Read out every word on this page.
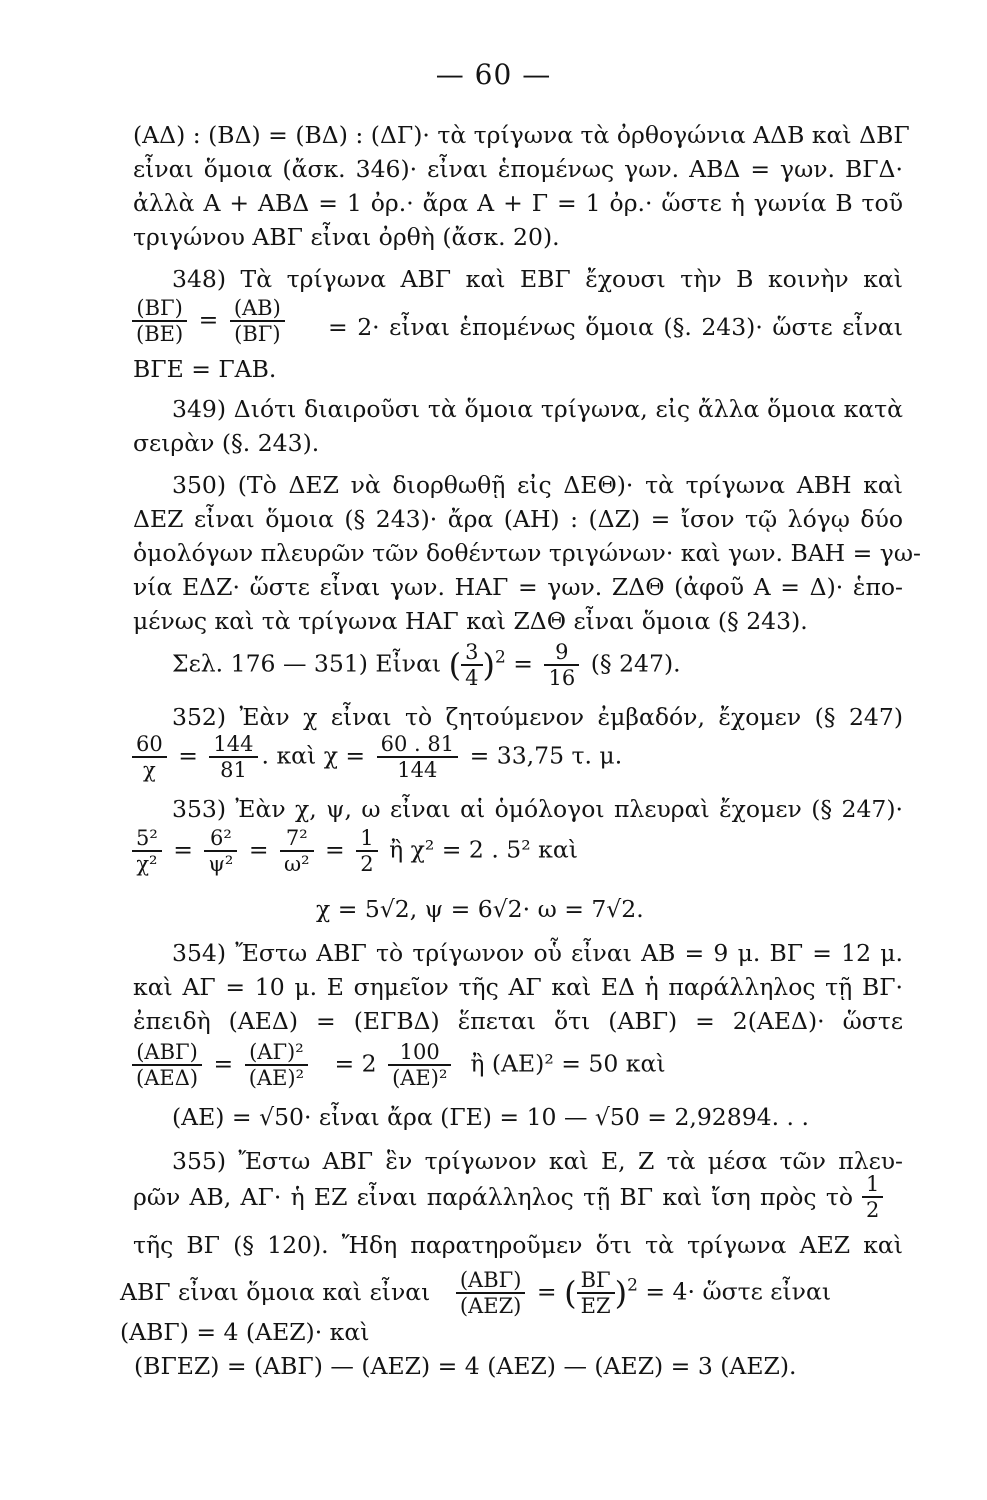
— 60 —
(ΑΔ) : (ΒΔ) = (ΒΔ) : (ΔΓ)· τὰ τρίγωνα τὰ ὀρθογώνια ΑΔΒ καὶ ΔΒΓ
εἶναι ὅμοια (ἄσκ. 346)· εἶναι ἑπομένως γων. ΑΒΔ = γων. ΒΓΔ·
ἀλλὰ Α + ΑΒΔ = 1 ὀρ.· ἄρα Α + Γ = 1 ὀρ.· ὥστε ἡ γωνία Β τοῦ
τριγώνου ΑΒΓ εἶναι ὀρθὴ (ἄσκ. 20).
348) Τὰ τρίγωνα ΑΒΓ καὶ ΕΒΓ ἔχουσι τὴν Β κοινὴν καὶ
$\frac{(B\Gamma)}{(BE)} = \frac{(AB)}{(B\Gamma)} = 2\cdot$ εἶναι ἑπομένως ὅμοια (§. 243)· ὥστε εἶναι
ΒΓΕ = ΓΑΒ.
349) Διότι διαιροῦσι τὰ ὅμοια τρίγωνα, εἰς ἄλλα ὅμοια κατὰ
σειρὰν (§. 243).
350) (Τὸ ΔΕΖ νὰ διορθωθῇ εἰς ΔΕΘ)· τὰ τρίγωνα ΑΒΗ καὶ
ΔΕΖ εἶναι ὅμοια (§ 243)· ἄρα (ΑΗ) : (ΔΖ) = ἴσον τῷ λόγῳ δύο
ὁμολόγων πλευρῶν τῶν δοθέντων τριγώνων· καὶ γων. ΒΑΗ = γω-
νία ΕΔΖ· ὥστε εἶναι γων. ΗΑΓ = γων. ΖΔΘ (ἀφοῦ Α = Δ)· ἑπο-
μένως καὶ τὰ τρίγωνα ΗΑΓ καὶ ΖΔΘ εἶναι ὅμοια (§ 243).
Σελ. 176 — 351) Εἶναι ( $\frac{3}{4} )^2 = \frac{9}{16}$ (§ 247).
352) Ἐὰν χ εἶναι τὸ ζητούμενον ἐμβαδόν, ἔχομεν (§ 247)
$\frac{60}{\chi} = \frac{144}{81}$ . καὶ $\chi = \frac{60 . 81}{144} = 33,75$ τ. μ.
353) Ἐὰν χ, ψ, ω εἶναι αἱ ὁμόλογοι πλευραὶ ἔχομεν (§ 247)·
$\frac{\text{5²}}{\text{χ²}} = \frac{\text{6²}}{\text{ψ²}} = \frac{\text{7²}}{\text{ω²}} = \frac{1}{2}$ ἢ χ² = 2 . 5² καὶ
χ = 5√2, ψ = 6√2· ω = 7√2.
354) Ἔστω ΑΒΓ τὸ τρίγωνον οὗ εἶναι ΑΒ = 9 μ. ΒΓ = 12 μ.
καὶ ΑΓ = 10 μ. Ε σημεῖον τῆς ΑΓ καὶ ΕΔ ἡ παράλληλος τῇ ΒΓ·
ἐπειδὴ (ΑΕΔ) = (ΕΓΒΔ) ἕπεται ὅτι (ΑΒΓ) = 2(ΑΕΔ)· ὥστε
(ΑΒΓ)
(ΑΕΔ)
= $\frac{\text{(ΑΓ)²}}{\text{(ΑΕ)²}} = 2 \frac{100}{\text{(ΑΕ)²}}$ ἢ (ΑΕ)² = 50 καὶ
(ΑΕ) = √50· εἶναι ἄρα (ΓΕ) = 10 — √50 = 2,92894. . .
355) Ἔστω ΑΒΓ ἓν τρίγωνον καὶ Ε, Ζ τὰ μέσα τῶν πλευ-
ρῶν ΑΒ, ΑΓ· ἡ ΕΖ εἶναι παράλληλος τῇ ΒΓ καὶ ἴση πρὸς τὸ $\frac{1}{2}$
τῆς ΒΓ (§ 120). Ἤδη παρατηροῦμεν ὅτι τὰ τρίγωνα ΑΕΖ καὶ
ΑΒΓ εἶναι ὅμοια καὶ εἶναι (ΑΒΓ)
(ΑΕΖ)
= ( $\frac{B\Gamma}{EZ} )^2 = 4\cdot$ ὥστε εἶναι
(ΑΒΓ) = 4 (ΑΕΖ)· καὶ
(ΒΓΕΖ) = (ΑΒΓ) — (ΑΕΖ) = 4 (ΑΕΖ) — (ΑΕΖ) = 3 (ΑΕΖ).
